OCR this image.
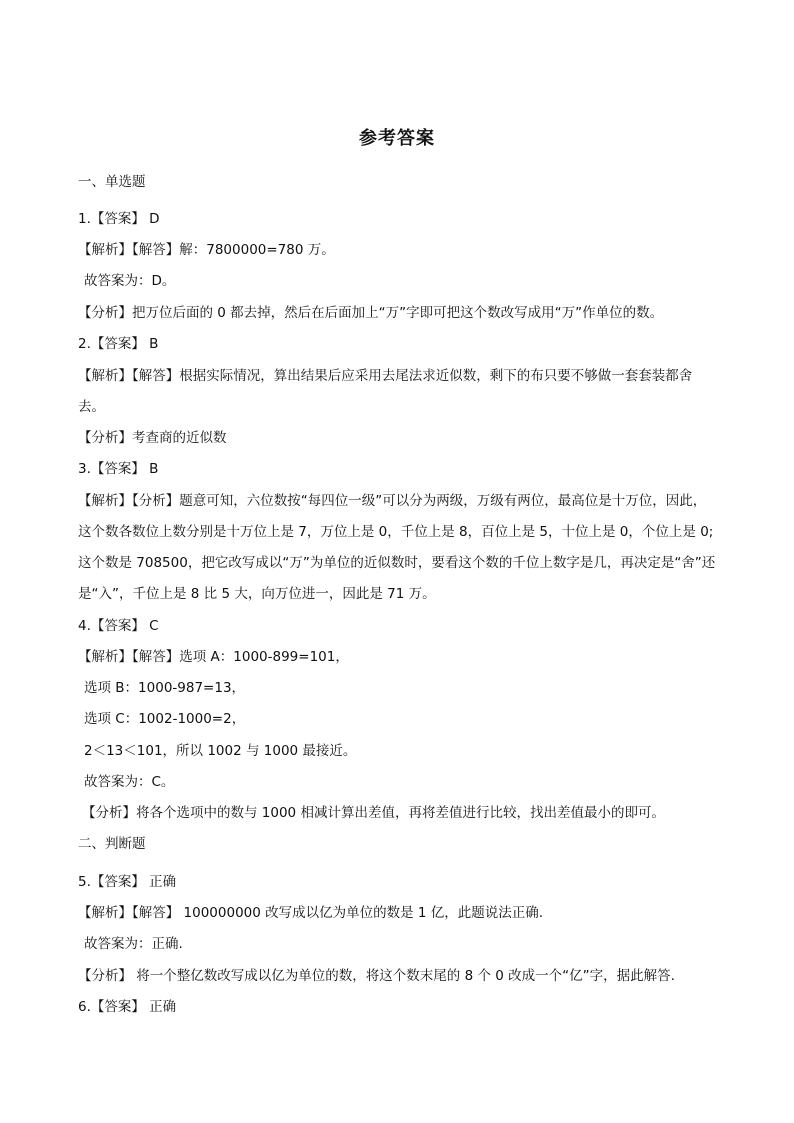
参考答案
一、单选题
1.【答案】 D
【解析】【解答】解：7800000=780 万。
故答案为：D。
【分析】把万位后面的 0 都去掉，然后在后面加上“万”字即可把这个数改写成用“万”作单位的数。
2.【答案】 B
【解析】【解答】根据实际情况，算出结果后应采用去尾法求近似数，剩下的布只要不够做一套套装都舍
去。
【分析】考查商的近似数
3.【答案】 B
【解析】【分析】题意可知，六位数按“每四位一级”可以分为两级，万级有两位，最高位是十万位，因此，
这个数各数位上数分别是十万位上是 7，万位上是 0，千位上是 8，百位上是 5，十位上是 0，个位上是 0;
这个数是 708500，把它改写成以“万”为单位的近似数时，要看这个数的千位上数字是几，再决定是“舍”还
是“入”，千位上是 8 比 5 大，向万位进一，因此是 71 万。
4.【答案】 C
【解析】【解答】选项 A：1000-899=101，
选项 B：1000-987=13，
选项 C：1002-1000=2，
2＜13＜101，所以 1002 与 1000 最接近。
故答案为：C。
【分析】将各个选项中的数与 1000 相减计算出差值，再将差值进行比较，找出差值最小的即可。
二、判断题
5.【答案】 正确
【解析】【解答】 100000000 改写成以亿为单位的数是 1 亿，此题说法正确.
故答案为：正确.
【分析】 将一个整亿数改写成以亿为单位的数，将这个数末尾的 8 个 0 改成一个“亿”字，据此解答.
6.【答案】 正确
